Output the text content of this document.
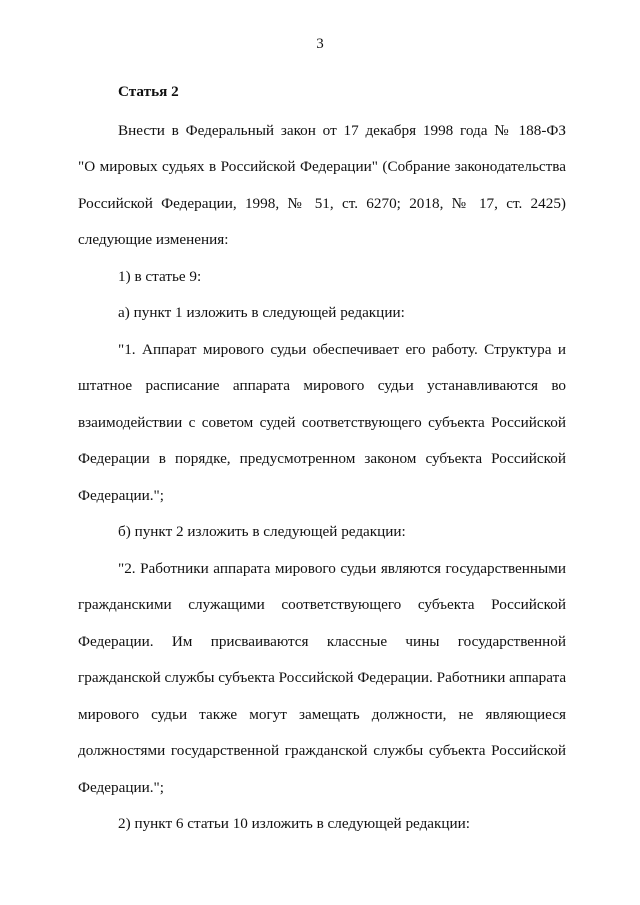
3

Статья 2

Внести в Федеральный закон от 17 декабря 1998 года № 188-ФЗ
"О мировых судьях в Российской Федерации" (Собрание законодательства
Российской Федерации, 1998, № 51, ст. 6270; 2018, № 17, ст. 2425)
следующие изменения:

1) в статье 9:

а) пункт 1 изложить в следующей редакции:

"1. Аппарат мирового судьи обеспечивает его работу. Структура и
штатное расписание аппарата мирового судьи устанавливаются во
взаимодействии с советом судей соответствующего субъекта Российской
Федерации в порядке, предусмотренном законом субъекта Российской
Федерации.";

б) пункт 2 изложить в следующей редакции:

"2. Работники аппарата мирового судьи являются государственными
гражданскими служащими соответствующего субъекта Российской
Федерации. Им присваиваются классные чины государственной
гражданской службы субъекта Российской Федерации. Работники аппарата
мирового судьи также могут замещать должности, не являющиеся
должностями государственной гражданской службы субъекта Российской
Федерации.";

2) пункт 6 статьи 10 изложить в следующей редакции:
